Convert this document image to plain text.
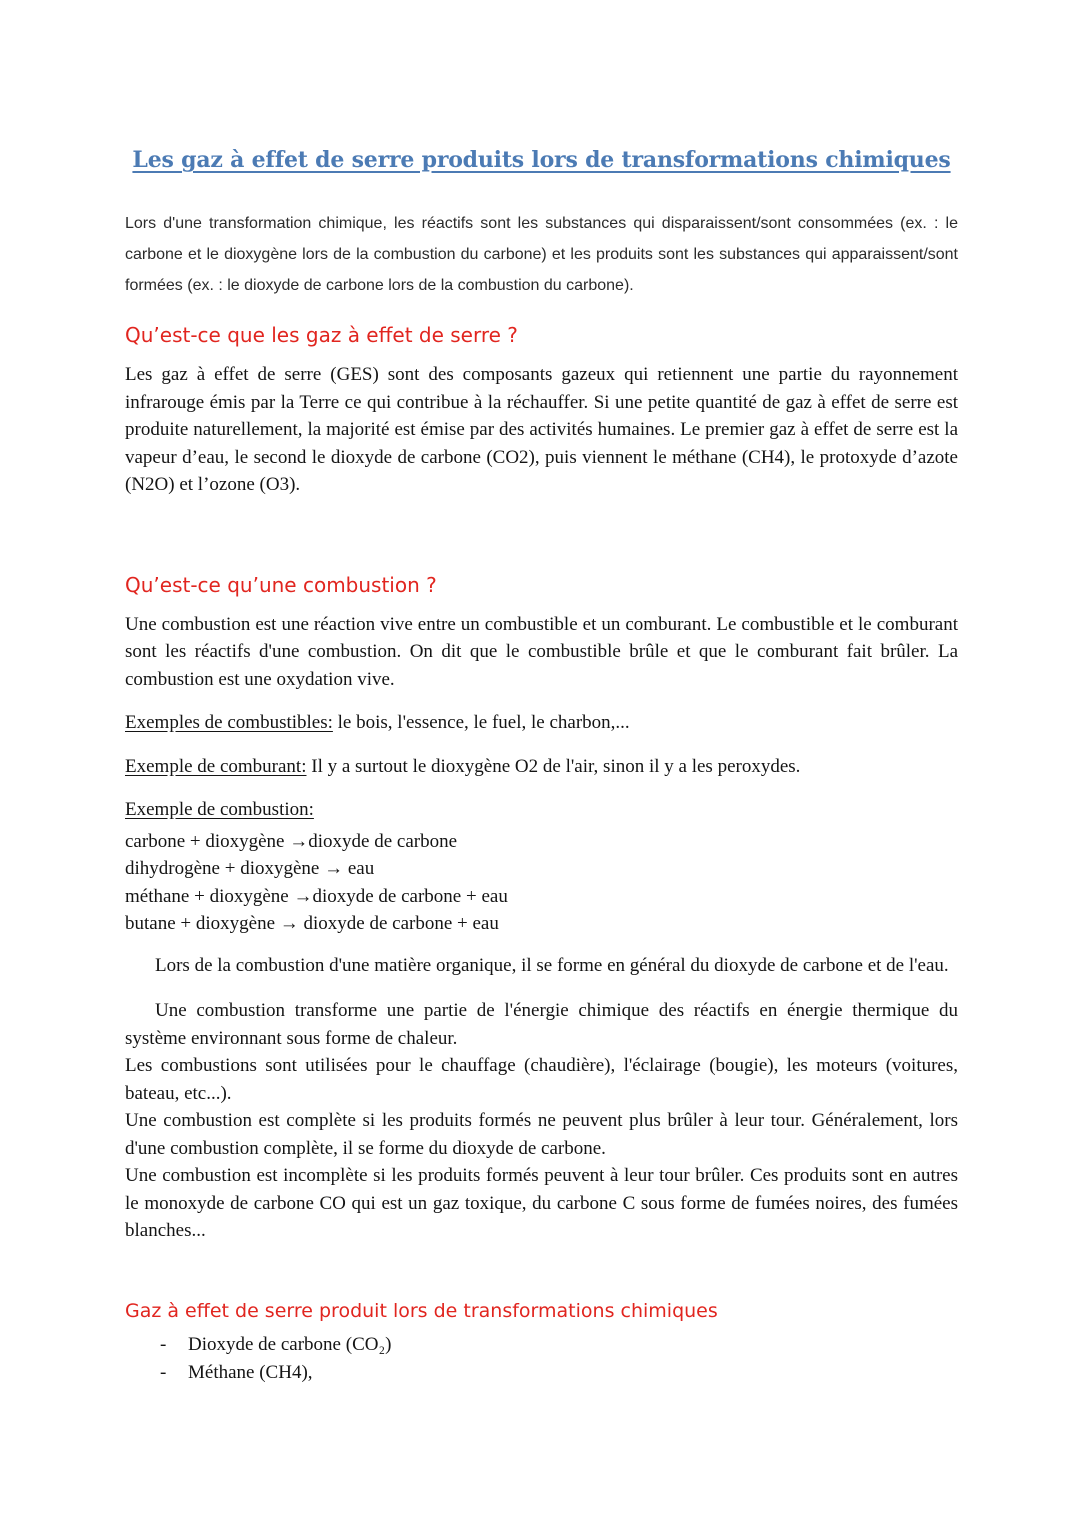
Les gaz à effet de serre produits lors de transformations chimiques

Lors d'une transformation chimique, les réactifs sont les substances qui disparaissent/sont consommées (ex. : le carbone et le dioxygène lors de la combustion du carbone) et les produits sont les substances qui apparaissent/sont formées (ex. : le dioxyde de carbone lors de la combustion du carbone).

Qu’est-ce que les gaz à effet de serre ?

Les gaz à effet de serre (GES) sont des composants gazeux qui retiennent une partie du rayonnement infrarouge émis par la Terre ce qui contribue à la réchauffer. Si une petite quantité de gaz à effet de serre est produite naturellement, la majorité est émise par des activités humaines. Le premier gaz à effet de serre est la vapeur d’eau, le second le dioxyde de carbone (CO2), puis viennent le méthane (CH4), le protoxyde d’azote (N2O) et l’ozone (O3).

Qu’est-ce qu’une combustion ?

Une combustion est une réaction vive entre un combustible et un comburant. Le combustible et le comburant sont les réactifs d'une combustion. On dit que le combustible brûle et que le comburant fait brûler. La combustion est une oxydation vive.

Exemples de combustibles: le bois, l'essence, le fuel, le charbon,...

Exemple de comburant: Il y a surtout le dioxygène O2 de l'air, sinon il y a les peroxydes.

Exemple de combustion:

carbone + dioxygène →dioxyde de carbone

dihydrogène + dioxygène → eau

méthane + dioxygène →dioxyde de carbone + eau

butane + dioxygène → dioxyde de carbone + eau

Lors de la combustion d'une matière organique, il se forme en général du dioxyde de carbone et de l'eau.

Une combustion transforme une partie de l'énergie chimique des réactifs en énergie thermique du système environnant sous forme de chaleur.

Les combustions sont utilisées pour le chauffage (chaudière), l'éclairage (bougie), les moteurs (voitures, bateau, etc...).

Une combustion est complète si les produits formés ne peuvent plus brûler à leur tour. Généralement, lors d'une combustion complète, il se forme du dioxyde de carbone.

Une combustion est incomplète si les produits formés peuvent à leur tour brûler. Ces produits sont en autres le monoxyde de carbone CO qui est un gaz toxique, du carbone C sous forme de fumées noires, des fumées blanches...

Gaz à effet de serre produit lors de transformations chimiques
-	Dioxyde de carbone (CO₂)
-	Méthane (CH4),
